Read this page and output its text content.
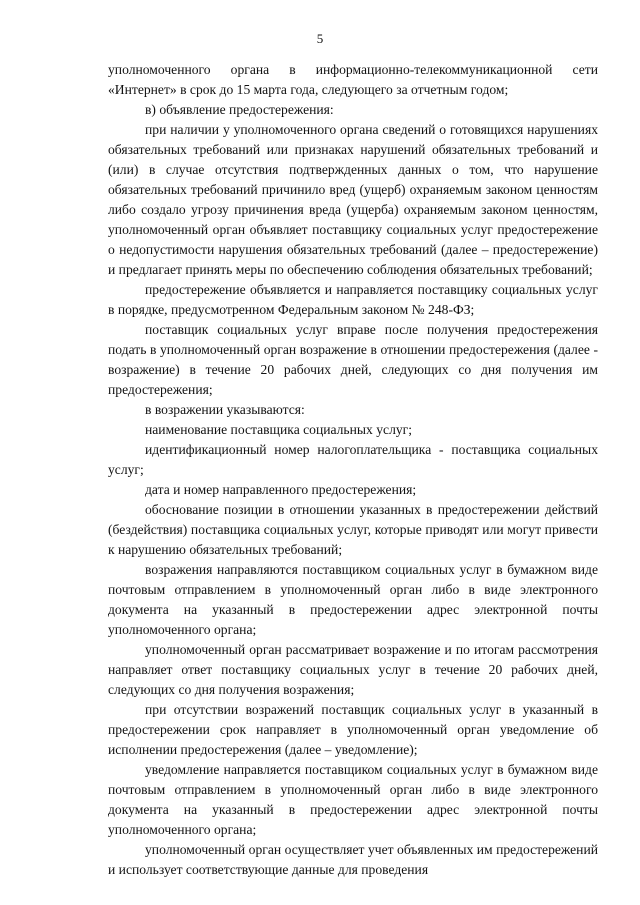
5

уполномоченного органа в информационно-телекоммуникационной сети «Интернет» в срок до 15 марта года, следующего за отчетным годом;

в) объявление предостережения:

при наличии у уполномоченного органа сведений о готовящихся нарушениях обязательных требований или признаках нарушений обязательных требований и (или) в случае отсутствия подтвержденных данных о том, что нарушение обязательных требований причинило вред (ущерб) охраняемым законом ценностям либо создало угрозу причинения вреда (ущерба) охраняемым законом ценностям, уполномоченный орган объявляет поставщику социальных услуг предостережение о недопустимости нарушения обязательных требований (далее – предостережение) и предлагает принять меры по обеспечению соблюдения обязательных требований;

предостережение объявляется и направляется поставщику социальных услуг в порядке, предусмотренном Федеральным законом № 248-ФЗ;

поставщик социальных услуг вправе после получения предостережения подать в уполномоченный орган возражение в отношении предостережения (далее - возражение) в течение 20 рабочих дней, следующих со дня получения им предостережения;

в возражении указываются:

наименование поставщика социальных услуг;

идентификационный номер налогоплательщика - поставщика социальных услуг;

дата и номер направленного предостережения;

обоснование позиции в отношении указанных в предостережении действий (бездействия) поставщика социальных услуг, которые приводят или могут привести к нарушению обязательных требований;

возражения направляются поставщиком социальных услуг в бумажном виде почтовым отправлением в уполномоченный орган либо в виде электронного документа на указанный в предостережении адрес электронной почты уполномоченного органа;

уполномоченный орган рассматривает возражение и по итогам рассмотрения направляет ответ поставщику социальных услуг в течение 20 рабочих дней, следующих со дня получения возражения;

при отсутствии возражений поставщик социальных услуг в указанный в предостережении срок направляет в уполномоченный орган уведомление об исполнении предостережения (далее – уведомление);

уведомление направляется поставщиком социальных услуг в бумажном виде почтовым отправлением в уполномоченный орган либо в виде электронного документа на указанный в предостережении адрес электронной почты уполномоченного органа;

уполномоченный орган осуществляет учет объявленных им предостережений и использует соответствующие данные для проведения
